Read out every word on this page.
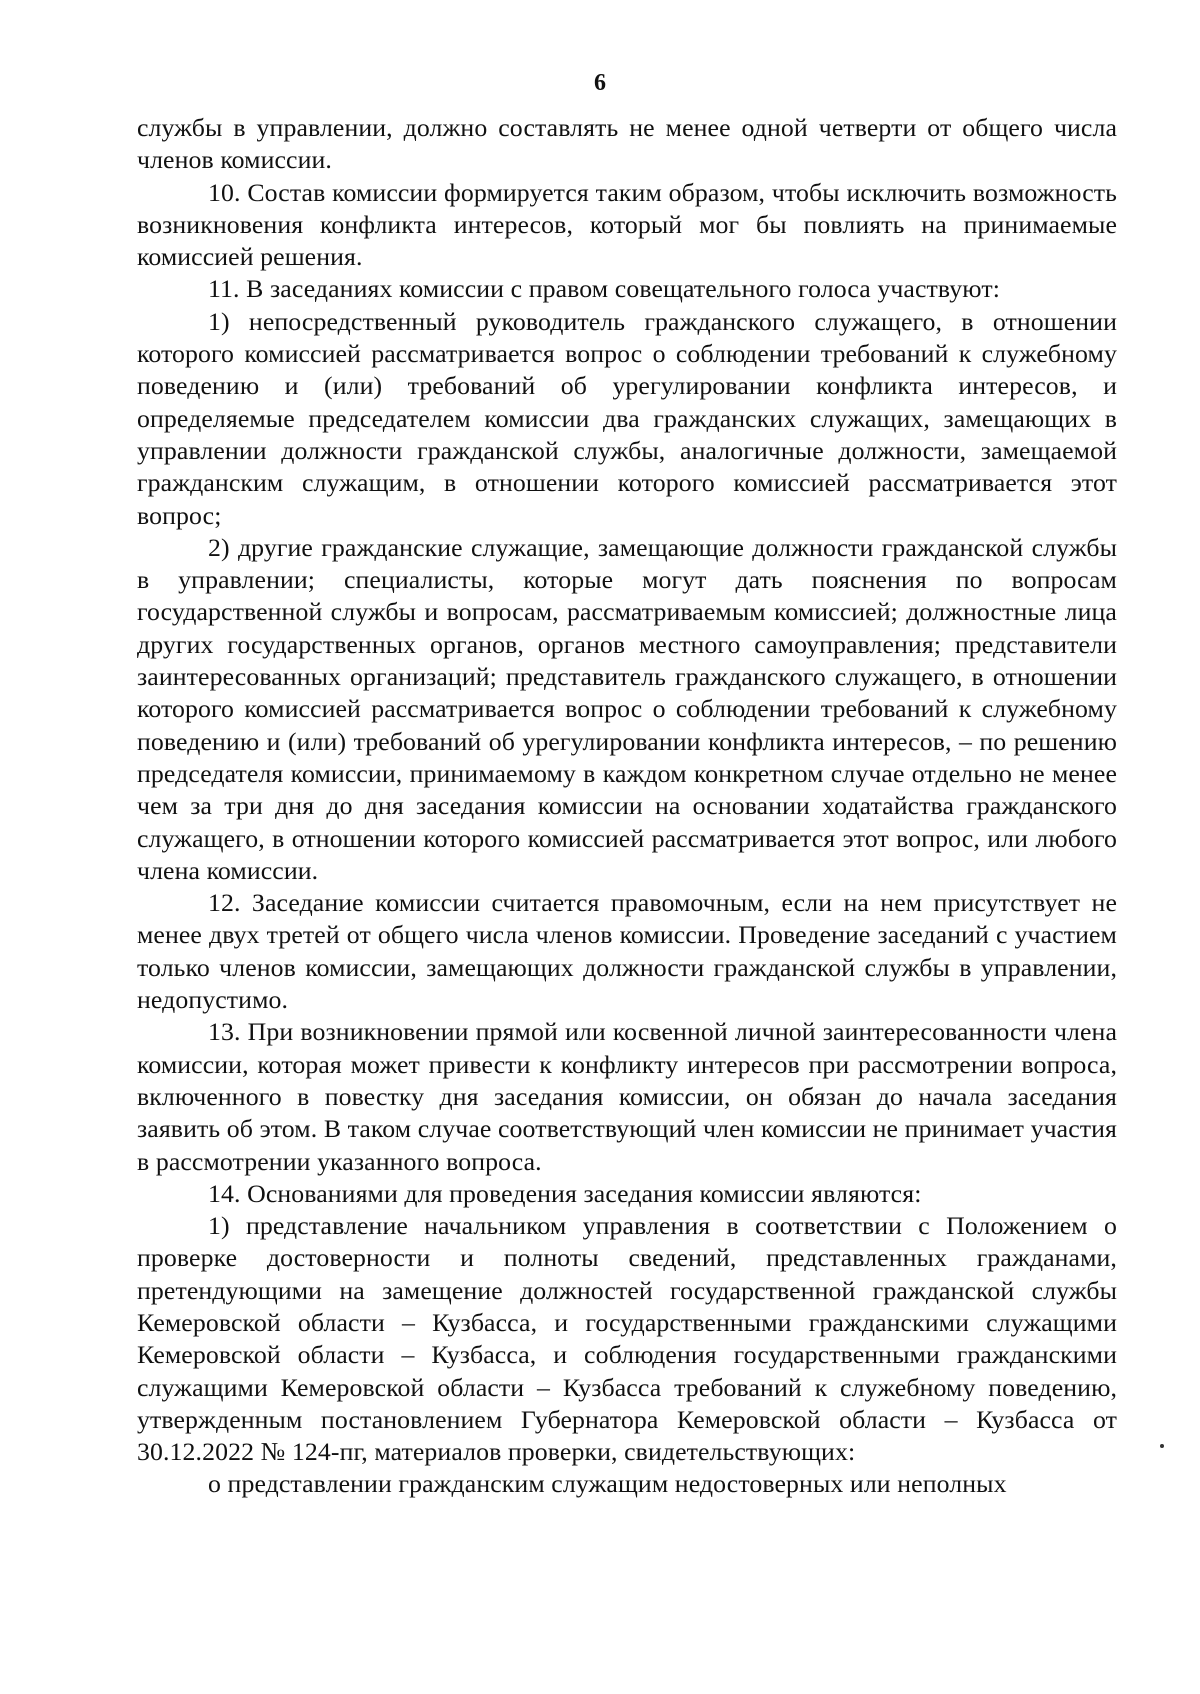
6

службы в управлении, должно составлять не менее одной четверти от общего числа членов комиссии.

10. Состав комиссии формируется таким образом, чтобы исключить возможность возникновения конфликта интересов, который мог бы повлиять на принимаемые комиссией решения.

11. В заседаниях комиссии с правом совещательного голоса участвуют:

1) непосредственный руководитель гражданского служащего, в отношении которого комиссией рассматривается вопрос о соблюдении требований к служебному поведению и (или) требований об урегулировании конфликта интересов, и определяемые председателем комиссии два гражданских служащих, замещающих в управлении должности гражданской службы, аналогичные должности, замещаемой гражданским служащим, в отношении которого комиссией рассматривается этот вопрос;

2) другие гражданские служащие, замещающие должности гражданской службы в управлении; специалисты, которые могут дать пояснения по вопросам государственной службы и вопросам, рассматриваемым комиссией; должностные лица других государственных органов, органов местного самоуправления; представители заинтересованных организаций; представитель гражданского служащего, в отношении которого комиссией рассматривается вопрос о соблюдении требований к служебному поведению и (или) требований об урегулировании конфликта интересов, – по решению председателя комиссии, принимаемому в каждом конкретном случае отдельно не менее чем за три дня до дня заседания комиссии на основании ходатайства гражданского служащего, в отношении которого комиссией рассматривается этот вопрос, или любого члена комиссии.

12. Заседание комиссии считается правомочным, если на нем присутствует не менее двух третей от общего числа членов комиссии. Проведение заседаний с участием только членов комиссии, замещающих должности гражданской службы в управлении, недопустимо.

13. При возникновении прямой или косвенной личной заинтересованности члена комиссии, которая может привести к конфликту интересов при рассмотрении вопроса, включенного в повестку дня заседания комиссии, он обязан до начала заседания заявить об этом. В таком случае соответствующий член комиссии не принимает участия в рассмотрении указанного вопроса.

14. Основаниями для проведения заседания комиссии являются:

1) представление начальником управления в соответствии с Положением о проверке достоверности и полноты сведений, представленных гражданами, претендующими на замещение должностей государственной гражданской службы Кемеровской области – Кузбасса, и государственными гражданскими служащими Кемеровской области – Кузбасса, и соблюдения государственными гражданскими служащими Кемеровской области – Кузбасса требований к служебному поведению, утвержденным постановлением Губернатора Кемеровской области – Кузбасса от 30.12.2022 № 124-пг, материалов проверки, свидетельствующих:

о представлении гражданским служащим недостоверных или неполных
